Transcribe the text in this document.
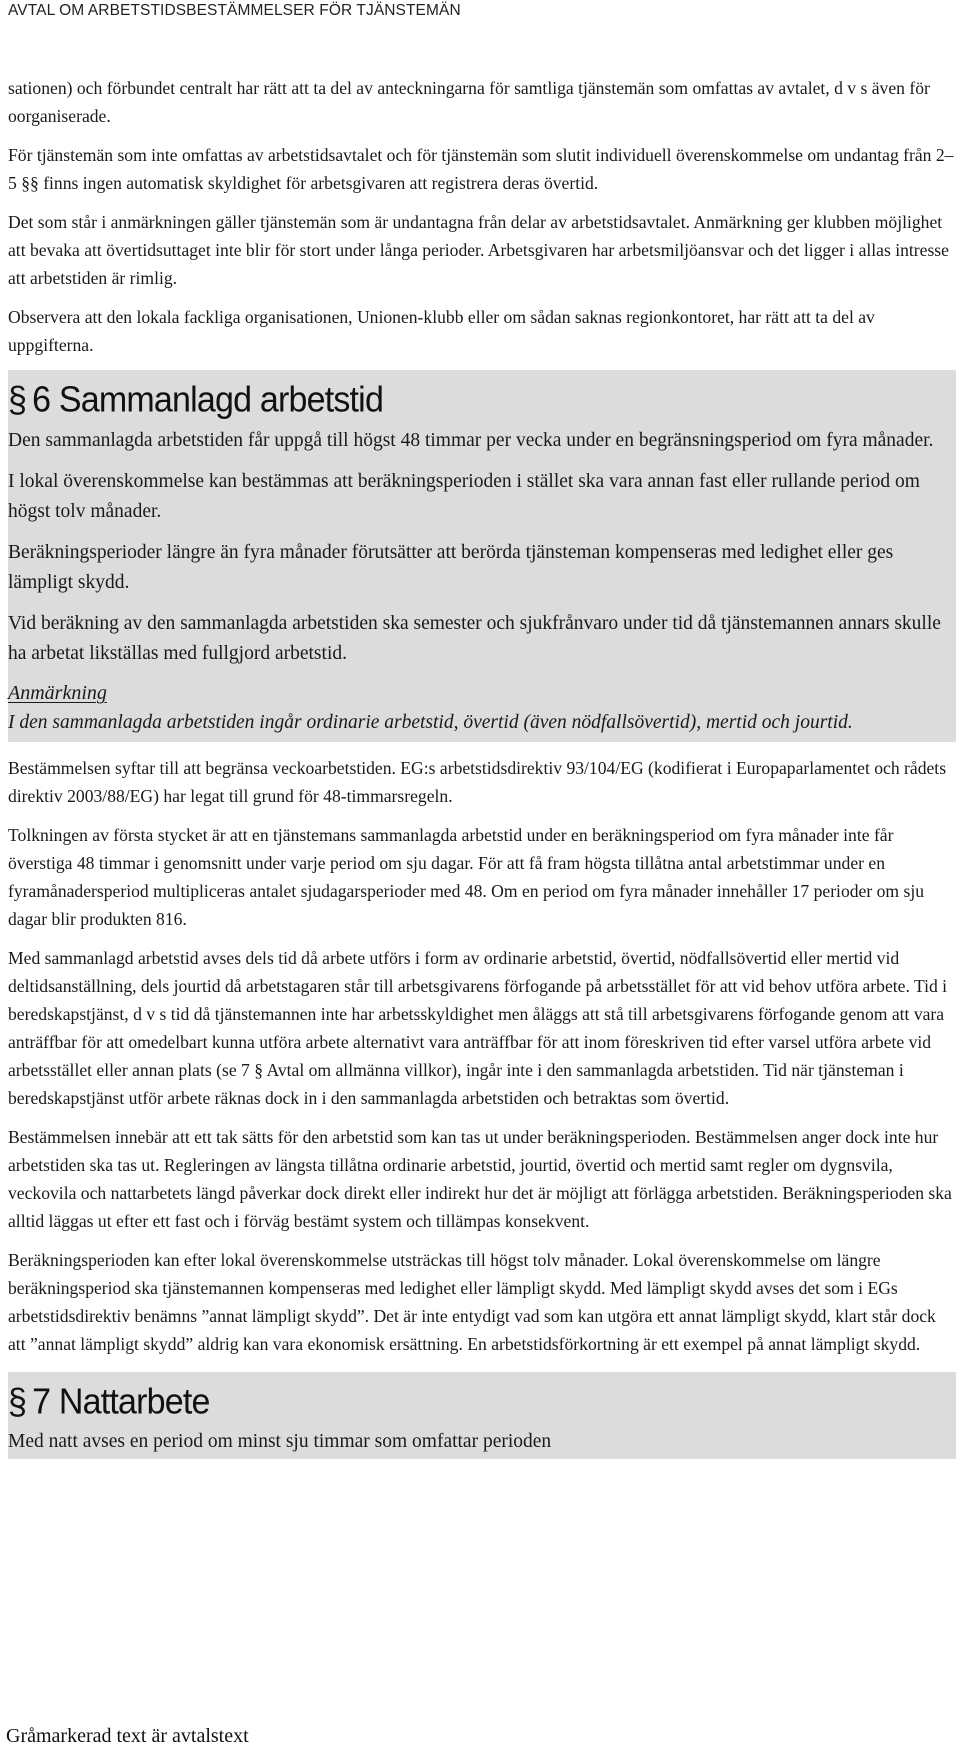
AVTAL OM ARBETSTIDSBESTÄMMELSER FÖR TJÄNSTEMÄN

sationen) och förbundet centralt har rätt att ta del av anteckningarna för samtliga tjänstemän som omfattas av avtalet, d v s även för oorganiserade.

För tjänstemän som inte omfattas av arbetstidsavtalet och för tjänstemän som slutit individuell överenskommelse om undantag från 2–5 §§ finns ingen automatisk skyldighet för arbetsgivaren att registrera deras övertid.

Det som står i anmärkningen gäller tjänstemän som är undantagna från delar av arbetstidsavtalet. Anmärkning ger klubben möjlighet att bevaka att övertidsuttaget inte blir för stort under långa perioder. Arbetsgivaren har arbetsmiljöansvar och det ligger i allas intresse att arbetstiden är rimlig.

Observera att den lokala fackliga organisationen, Unionen-klubb eller om sådan saknas regionkontoret, har rätt att ta del av uppgifterna.

§ 6 Sammanlagd arbetstid

Den sammanlagda arbetstiden får uppgå till högst 48 timmar per vecka under en begränsningsperiod om fyra månader.

I lokal överenskommelse kan bestämmas att beräkningsperioden i stället ska vara annan fast eller rullande period om högst tolv månader.

Beräkningsperioder längre än fyra månader förutsätter att berörda tjänsteman kompenseras med ledighet eller ges lämpligt skydd.

Vid beräkning av den sammanlagda arbetstiden ska semester och sjukfrånvaro under tid då tjänstemannen annars skulle ha arbetat likställas med fullgjord arbetstid.

Anmärkning

I den sammanlagda arbetstiden ingår ordinarie arbetstid, övertid (även nödfallsövertid), mertid och jourtid.

Bestämmelsen syftar till att begränsa veckoarbetstiden. EG:s arbetstidsdirektiv 93/104/EG (kodifierat i Europaparlamentet och rådets direktiv 2003/88/EG) har legat till grund för 48-timmarsregeln.

Tolkningen av första stycket är att en tjänstemans sammanlagda arbetstid under en beräkningsperiod om fyra månader inte får överstiga 48 timmar i genomsnitt under varje period om sju dagar. För att få fram högsta tillåtna antal arbetstimmar under en fyramånadersperiod multipliceras antalet sjudagarsperioder med 48. Om en period om fyra månader innehåller 17 perioder om sju dagar blir produkten 816.

Med sammanlagd arbetstid avses dels tid då arbete utförs i form av ordinarie arbetstid, övertid, nödfallsövertid eller mertid vid deltidsanställning, dels jourtid då arbetstagaren står till arbetsgivarens förfogande på arbetsstället för att vid behov utföra arbete. Tid i beredskapstjänst, d v s tid då tjänstemannen inte har arbetsskyldighet men åläggs att stå till arbetsgivarens förfogande genom att vara anträffbar för att omedelbart kunna utföra arbete alternativt vara anträffbar för att inom föreskriven tid efter varsel utföra arbete vid arbetsstället eller annan plats (se 7 § Avtal om allmänna villkor), ingår inte i den sammanlagda arbetstiden. Tid när tjänsteman i beredskapstjänst utför arbete räknas dock in i den sammanlagda arbetstiden och betraktas som övertid.

Bestämmelsen innebär att ett tak sätts för den arbetstid som kan tas ut under beräkningsperioden. Bestämmelsen anger dock inte hur arbetstiden ska tas ut. Regleringen av längsta tillåtna ordinarie arbetstid, jourtid, övertid och mertid samt regler om dygnsvila, veckovila och nattarbetets längd påverkar dock direkt eller indirekt hur det är möjligt att förlägga arbetstiden. Beräkningsperioden ska alltid läggas ut efter ett fast och i förväg bestämt system och tillämpas konsekvent.

Beräkningsperioden kan efter lokal överenskommelse utsträckas till högst tolv månader. Lokal överenskommelse om längre beräkningsperiod ska tjänstemannen kompenseras med ledighet eller lämpligt skydd. Med lämpligt skydd avses det som i EGs arbetstidsdirektiv benämns ”annat lämpligt skydd”. Det är inte entydigt vad som kan utgöra ett annat lämpligt skydd, klart står dock att ”annat lämpligt skydd” aldrig kan vara ekonomisk ersättning. En arbetstidsförkortning är ett exempel på annat lämpligt skydd.

§ 7 Nattarbete

Med natt avses en period om minst sju timmar som omfattar perioden

Gråmarkerad text är avtalstext
